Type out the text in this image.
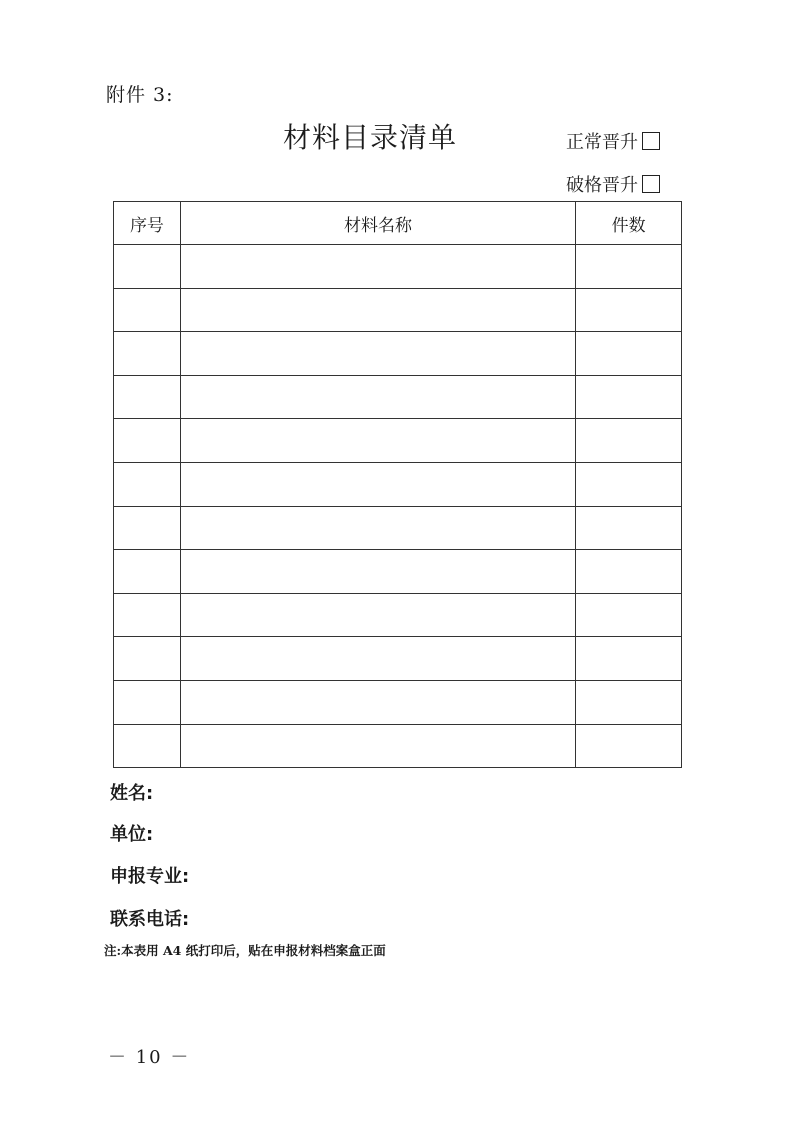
附件 3:
材料目录清单	正常晋升
破格晋升
序号	材料名称	件数

姓名:
单位:
申报专业:
联系电话:
注:本表用 A4 纸打印后，贴在申报材料档案盒正面
－ 10 －
